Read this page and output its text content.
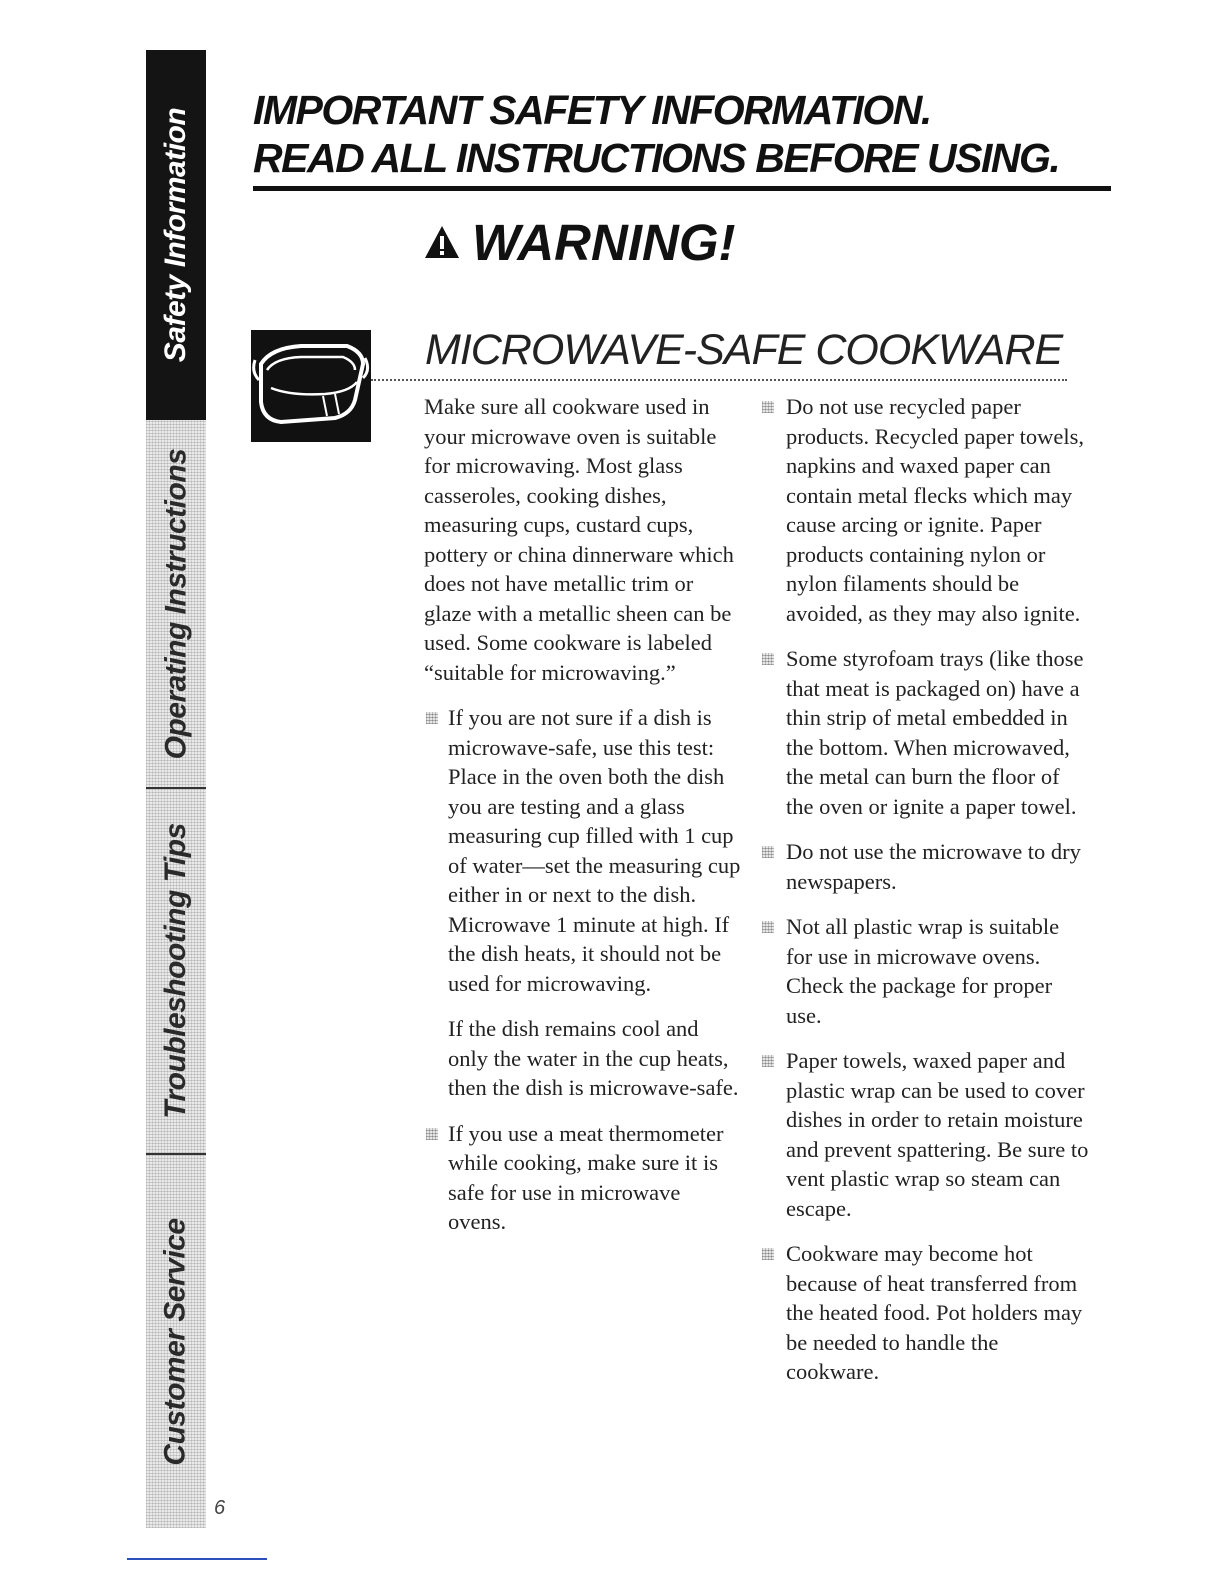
Safety Information
Operating Instructions
Troubleshooting Tips
Customer Service
IMPORTANT SAFETY INFORMATION.
READ ALL INSTRUCTIONS BEFORE USING.
WARNING!
MICROWAVE-SAFE COOKWARE

Make sure all cookware used in your microwave oven is suitable for microwaving. Most glass casseroles, cooking dishes, measuring cups, custard cups, pottery or china dinnerware which does not have metallic trim or glaze with a metallic sheen can be used. Some cookware is labeled “suitable for microwaving.”

If you are not sure if a dish is microwave-safe, use this test: Place in the oven both the dish you are testing and a glass measuring cup filled with 1 cup of water—set the measuring cup either in or next to the dish. Microwave 1 minute at high. If the dish heats, it should not be used for microwaving.

If the dish remains cool and only the water in the cup heats, then the dish is microwave-safe.

If you use a meat thermometer while cooking, make sure it is safe for use in microwave ovens.
Do not use recycled paper products. Recycled paper towels, napkins and waxed paper can contain metal flecks which may cause arcing or ignite. Paper products containing nylon or nylon filaments should be avoided, as they may also ignite.
Some styrofoam trays (like those that meat is packaged on) have a thin strip of metal embedded in the bottom. When microwaved, the metal can burn the floor of the oven or ignite a paper towel.
Do not use the microwave to dry newspapers.
Not all plastic wrap is suitable for use in microwave ovens. Check the package for proper use.
Paper towels, waxed paper and plastic wrap can be used to cover dishes in order to retain moisture and prevent spattering. Be sure to vent plastic wrap so steam can escape.
Cookware may become hot because of heat transferred from the heated food. Pot holders may be needed to handle the cookware.
6
